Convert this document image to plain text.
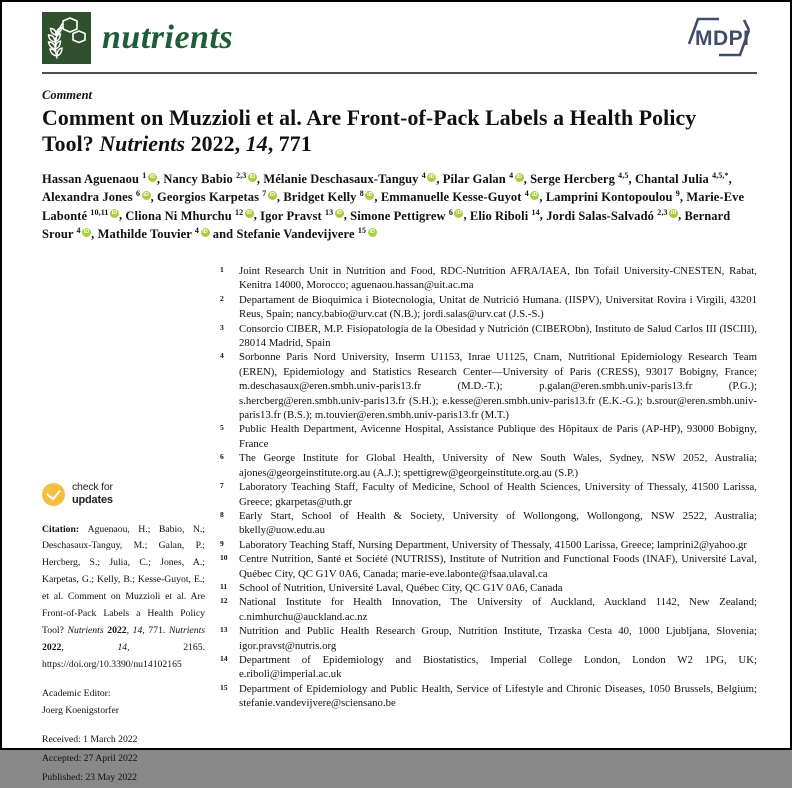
nutrients	MDPI
Comment
Comment on Muzzioli et al. Are Front-of-Pack Labels a Health Policy Tool? Nutrients 2022, 14, 771

Hassan Aguenaou $^1$ iD , Nancy Babio $^{2,3}$ iD , Mélanie Deschasaux-Tanguy $^4$ iD , Pilar Galan $^4$ iD , Serge Hercberg $^{4,5}$, Chantal Julia $^{4,5,*}$, Alexandra Jones $^6$ iD , Georgios Karpetas $^7$ iD , Bridget Kelly $^8$ iD , Emmanuelle Kesse-Guyot $^4$ iD , Lamprini Kontopoulou $^9$, Marie-Eve Labonté $^{10,11}$ iD , Cliona Ni Mhurchu $^{12}$ iD , Igor Pravst $^{13}$ iD , Simone Pettigrew $^6$ iD , Elio Riboli $^{14}$, Jordi Salas-Salvadó $^{2,3}$ iD , Bernard Srour $^4$ iD , Mathilde Touvier $^4$ iD and Stefanie Vandevijvere $^{15}$ iD

check for
updates

Citation: Aguenaou, H.; Babio, N.; Deschasaux-Tanguy, M.; Galan, P.; Hercberg, S.; Julia, C.; Jones, A.; Karpetas, G.; Kelly, B.; Kesse-Guyot, E.; et al. Comment on Muzzioli et al. Are Front-of-Pack Labels a Health Policy Tool? Nutrients 2022, 14, 771. Nutrients 2022, 14, 2165. https://doi.org/10.3390/nu14102165

Academic Editor:
Joerg Koenigstorfer

Received: 1 March 2022
Accepted: 27 April 2022
Published: 23 May 2022
1	Joint Research Unit in Nutrition and Food, RDC-Nutrition AFRA/IAEA, Ibn Tofail University-CNESTEN, Rabat, Kenitra 14000, Morocco; aguenaou.hassan@uit.ac.ma
2	Departament de Bioquimica i Biotecnologia, Unitat de Nutrició Humana. (IISPV), Universitat Rovira i Virgili, 43201 Reus, Spain; nancy.babio@urv.cat (N.B.); jordi.salas@urv.cat (J.S.-S.)
3	Consorcio CIBER, M.P. Fisiopatología de la Obesidad y Nutrición (CIBERObn), Instituto de Salud Carlos III (ISCIII), 28014 Madrid, Spain
4	Sorbonne Paris Nord University, Inserm U1153, Inrae U1125, Cnam, Nutritional Epidemiology Research Team (EREN), Epidemiology and Statistics Research Center—University of Paris (CRESS), 93017 Bobigny, France; m.deschasaux@eren.smbh.univ-paris13.fr (M.D.-T.); p.galan@eren.smbh.univ-paris13.fr (P.G.); s.hercberg@eren.smbh.univ-paris13.fr (S.H.); e.kesse@eren.smbh.univ-paris13.fr (E.K.-G.); b.srour@eren.smbh.univ-paris13.fr (B.S.); m.touvier@eren.smbh.univ-paris13.fr (M.T.)
5	Public Health Department, Avicenne Hospital, Assistance Publique des Hôpitaux de Paris (AP-HP), 93000 Bobigny, France
6	The George Institute for Global Health, University of New South Wales, Sydney, NSW 2052, Australia; ajones@georgeinstitute.org.au (A.J.); spettigrew@georgeinstitute.org.au (S.P.)
7	Laboratory Teaching Staff, Faculty of Medicine, School of Health Sciences, University of Thessaly, 41500 Larissa, Greece; gkarpetas@uth.gr
8	Early Start, School of Health & Society, University of Wollongong, Wollongong, NSW 2522, Australia; bkelly@uow.edu.au
9	Laboratory Teaching Staff, Nursing Department, University of Thessaly, 41500 Larissa, Greece; lamprini2@yahoo.gr
10	Centre Nutrition, Santé et Société (NUTRISS), Institute of Nutrition and Functional Foods (INAF), Université Laval, Québec City, QC G1V 0A6, Canada; marie-eve.labonte@fsaa.ulaval.ca
11	School of Nutrition, Université Laval, Québec City, QC G1V 0A6, Canada
12	National Institute for Health Innovation, The University of Auckland, Auckland 1142, New Zealand; c.nimhurchu@auckland.ac.nz
13	Nutrition and Public Health Research Group, Nutrition Institute, Trzaska Cesta 40, 1000 Ljubljana, Slovenia; igor.pravst@nutris.org
14	Department of Epidemiology and Biostatistics, Imperial College London, London W2 1PG, UK; e.riboli@imperial.ac.uk
15	Department of Epidemiology and Public Health, Service of Lifestyle and Chronic Diseases, 1050 Brussels, Belgium; stefanie.vandevijvere@sciensano.be
